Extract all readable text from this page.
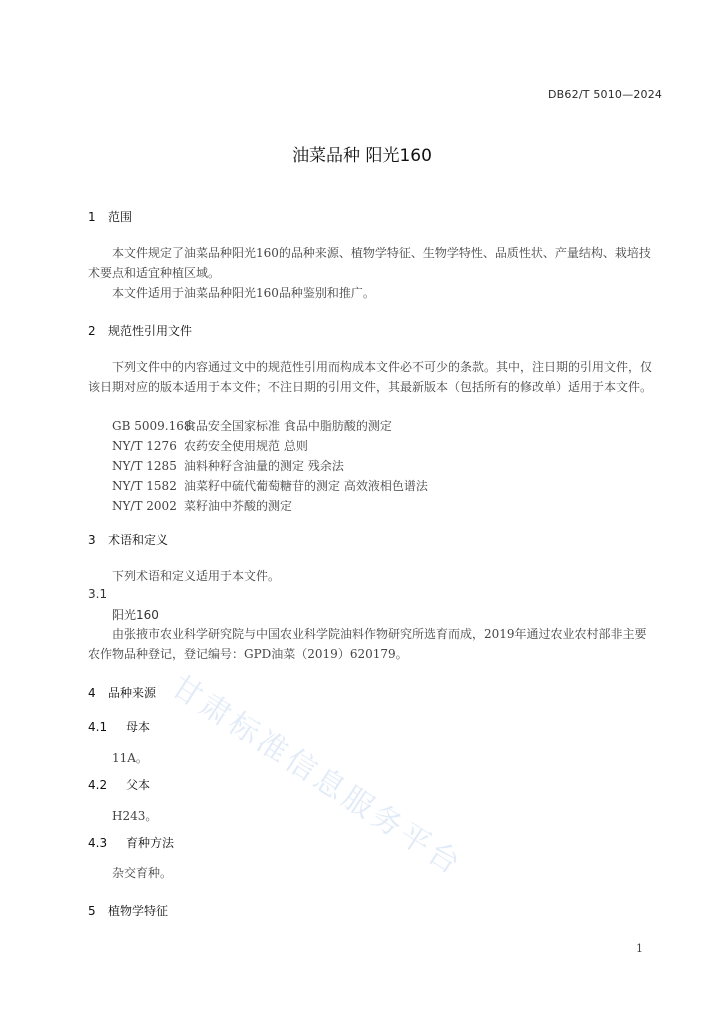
DB62/T 5010—2024
油菜品种 阳光160
1 范围
本文件规定了油菜品种阳光160的品种来源、植物学特征、生物学特性、品质性状、产量结构、栽培技术要点和适宜种植区域。
本文件适用于油菜品种阳光160品种鉴别和推广。
2 规范性引用文件
下列文件中的内容通过文中的规范性引用而构成本文件必不可少的条款。其中，注日期的引用文件，仅该日期对应的版本适用于本文件；不注日期的引用文件，其最新版本（包括所有的修改单）适用于本文件。
GB 5009.168食品安全国家标准 食品中脂肪酸的测定
NY/T 1276 农药安全使用规范 总则
NY/T 1285 油料种籽含油量的测定 残余法
NY/T 1582 油菜籽中硫代葡萄糖苷的测定 高效液相色谱法
NY/T 2002 菜籽油中芥酸的测定
3 术语和定义
下列术语和定义适用于本文件。
3.1
阳光160
由张掖市农业科学研究院与中国农业科学院油料作物研究所选育而成，2019年通过农业农村部非主要农作物品种登记，登记编号：GPD油菜（2019）620179。
4 品种来源
4.1 母本
11A。
4.2 父本
H243。
4.3 育种方法
杂交育种。
5 植物学特征
1
甘肃标准信息服务平台
